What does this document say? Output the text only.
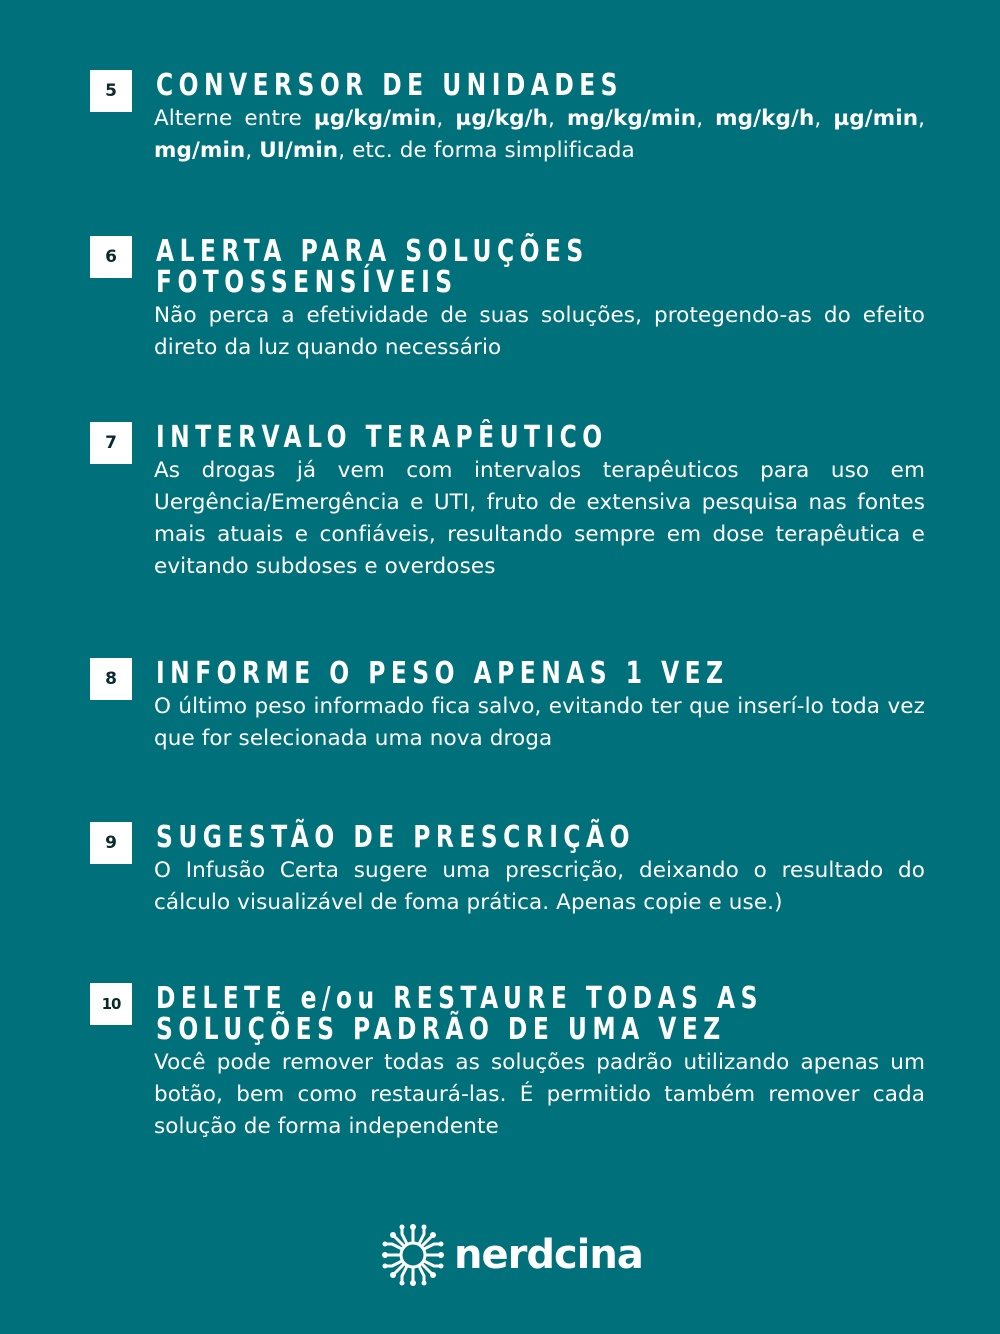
5	CONVERSOR DE UNIDADES

Alterne entre µg/kg/min, µg/kg/h, mg/kg/min, mg/kg/h, µg/min, mg/min, UI/min, etc. de forma simplificada

6	ALERTA PARA SOLUÇÕES
FOTOSSENSÍVEIS

Não perca a efetividade de suas soluções, protegendo-as do efeito direto da luz quando necessário

7	INTERVALO TERAPÊUTICO

As drogas já vem com intervalos terapêuticos para uso em Uergência/Emergência e UTI, fruto de extensiva pesquisa nas fontes mais atuais e confiáveis, resultando sempre em dose terapêutica e evitando subdoses e overdoses

8	INFORME O PESO APENAS 1 VEZ

O último peso informado fica salvo, evitando ter que inserí-lo toda vez que for selecionada uma nova droga

9	SUGESTÃO DE PRESCRIÇÃO

O Infusão Certa sugere uma prescrição, deixando o resultado do cálculo visualizável de foma prática. Apenas copie e use.)

10	DELETE e/ou RESTAURE TODAS AS
SOLUÇÕES PADRÃO DE UMA VEZ

Você pode remover todas as soluções padrão utilizando apenas um botão, bem como restaurá-las. É permitido também remover cada solução de forma independente

nerdcina
